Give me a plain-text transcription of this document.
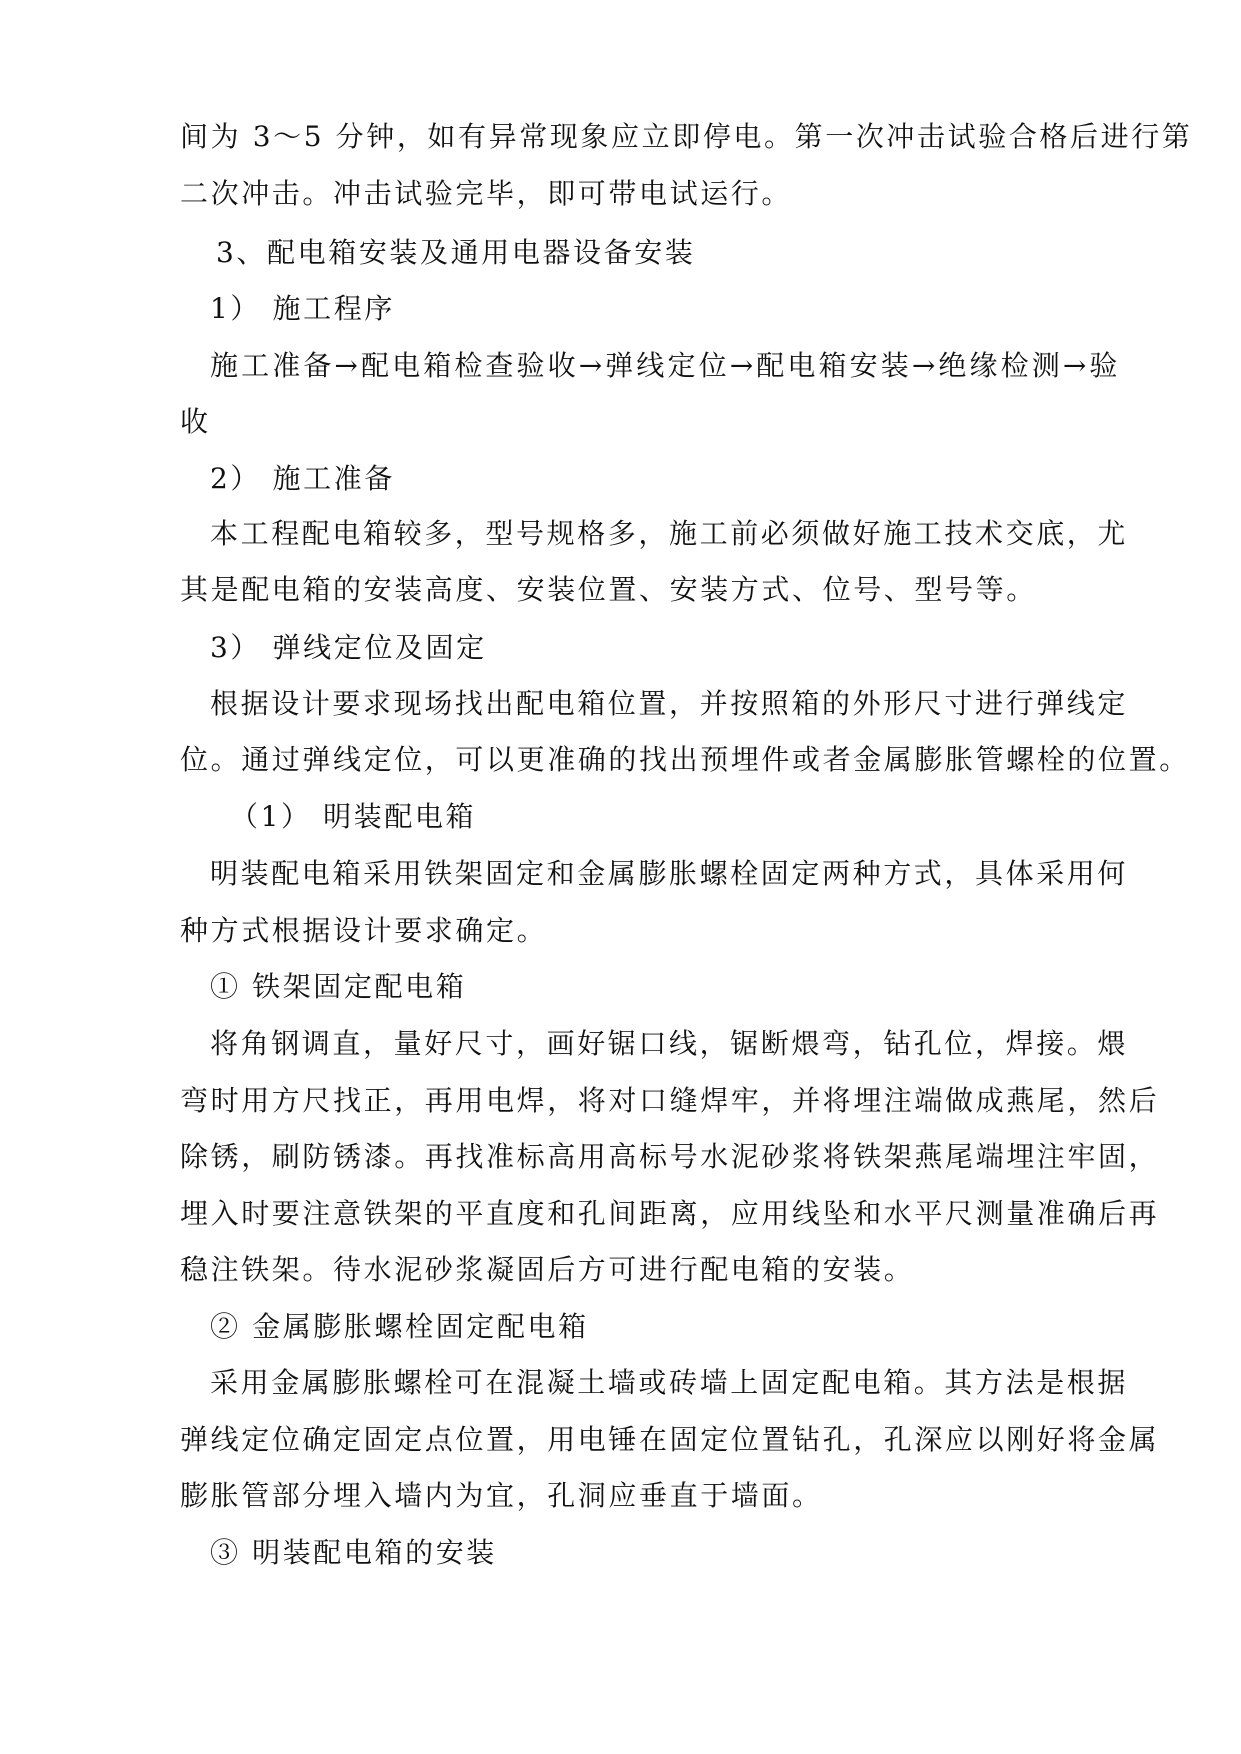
间为 3～5 分钟，如有异常现象应立即停电。第一次冲击试验合格后进行第
二次冲击。冲击试验完毕，即可带电试运行。
3、配电箱安装及通用电器设备安装
1） 施工程序
施工准备→配电箱检查验收→弹线定位→配电箱安装→绝缘检测→验
收
2） 施工准备
本工程配电箱较多，型号规格多，施工前必须做好施工技术交底，尤
其是配电箱的安装高度、安装位置、安装方式、位号、型号等。
3） 弹线定位及固定
根据设计要求现场找出配电箱位置，并按照箱的外形尺寸进行弹线定
位。通过弹线定位，可以更准确的找出预埋件或者金属膨胀管螺栓的位置。
（1） 明装配电箱
明装配电箱采用铁架固定和金属膨胀螺栓固定两种方式，具体采用何
种方式根据设计要求确定。
① 铁架固定配电箱
将角钢调直，量好尺寸，画好锯口线，锯断煨弯，钻孔位，焊接。煨
弯时用方尺找正，再用电焊，将对口缝焊牢，并将埋注端做成燕尾，然后
除锈，刷防锈漆。再找准标高用高标号水泥砂浆将铁架燕尾端埋注牢固，
埋入时要注意铁架的平直度和孔间距离，应用线坠和水平尺测量准确后再
稳注铁架。待水泥砂浆凝固后方可进行配电箱的安装。
② 金属膨胀螺栓固定配电箱
采用金属膨胀螺栓可在混凝土墙或砖墙上固定配电箱。其方法是根据
弹线定位确定固定点位置，用电锤在固定位置钻孔，孔深应以刚好将金属
膨胀管部分埋入墙内为宜，孔洞应垂直于墙面。
③ 明装配电箱的安装
